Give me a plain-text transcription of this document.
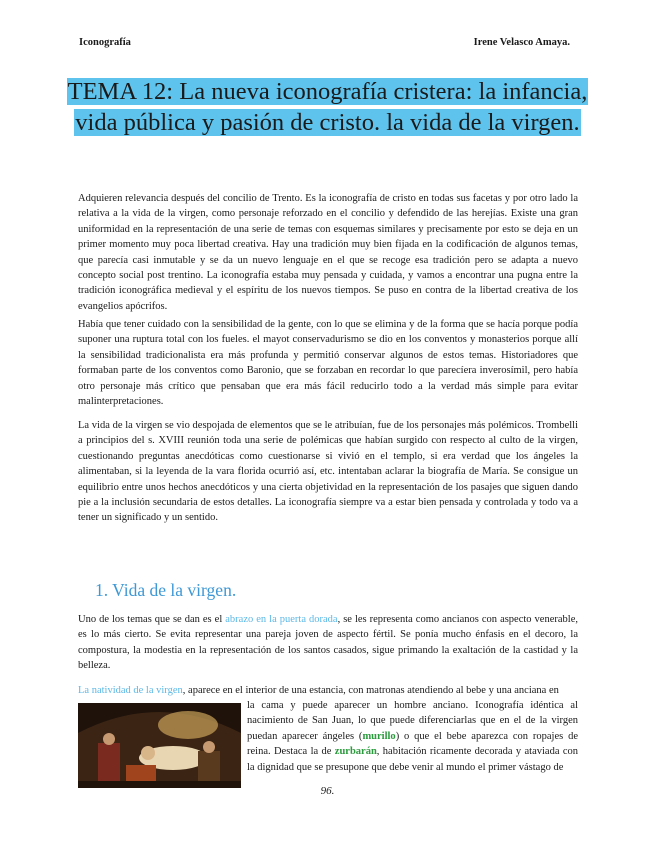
Iconografía	Irene Velasco Amaya.
TEMA 12: La nueva iconografía cristera: la infancia, vida pública y pasión de cristo. la vida de la virgen.

Adquieren relevancia después del concilio de Trento. Es la iconografía de cristo en todas sus facetas y por otro lado la relativa a la vida de la virgen, como personaje reforzado en el concilio y defendido de las herejías. Existe una gran uniformidad en la representación de una serie de temas con esquemas similares y precisamente por esto se deja en un primer momento muy poca libertad creativa. Hay una tradición muy bien fijada en la codificación de algunos temas, que parecía casi inmutable y se da un nuevo lenguaje en el que se recoge esa tradición pero se adapta a nuevo concepto social post trentino. La iconografía estaba muy pensada y cuidada, y vamos a encontrar una pugna entre la tradición iconográfica medieval y el espíritu de los nuevos tiempos. Se puso en contra de la libertad creativa de los evangelios apócrifos.

Había que tener cuidado con la sensibilidad de la gente, con lo que se elimina y de la forma que se hacía porque podía suponer una ruptura total con los fueles. el mayot conservadurismo se dio en los conventos y monasterios porque allí la sensibilidad tradicionalista era más profunda y permitió conservar algunos de estos temas. Historiadores que formaban parte de los conventos como Baronio, que se forzaban en recordar lo que parecíera inverosímil, pero había otro personaje más crítico que pensaban que era más fácil reducirlo todo a la verdad más simple para evitar malinterpretaciones.

La vida de la virgen se vio despojada de elementos que se le atribuían, fue de los personajes más polémicos. Trombelli a principios del s. XVIII reunión toda una serie de polémicas que habían surgido con respecto al culto de la virgen, cuestionando preguntas anecdóticas como cuestionarse si vivió en el templo, si era verdad que los ángeles la alimentaban, si la leyenda de la vara florida ocurrió así, etc. intentaban aclarar la biografía de María. Se consigue un equilibrio entre unos hechos anecdóticos y una cierta objetividad en la representación de los pasajes que siguen dando pie a la inclusión secundaria de estos detalles. La iconografía siempre va a estar bien pensada y controlada y todo va a tener un significado y un sentido.

1. Vida de la virgen.

Uno de los temas que se dan es el abrazo en la puerta dorada, se les representa como ancianos con aspecto venerable, es lo más cierto. Se evita representar una pareja joven de aspecto fértil. Se ponía mucho énfasis en el decoro, la compostura, la modestia en la representación de los santos casados, sigue primando la exaltación de la castidad y la belleza.

La natividad de la virgen, aparece en el interior de una estancia, con matronas atendiendo al bebe y una anciana en

la cama y puede aparecer un hombre anciano. Iconografía idéntica al nacimiento de San Juan, lo que puede diferenciarlas que en el de la virgen puedan aparecer ángeles (murillo) o que el bebe aparezca con ropajes de reina. Destaca la de zurbarán, habitación ricamente decorada y ataviada con la dignidad que se presupone que debe venir al mundo el primer vástago de

96.
